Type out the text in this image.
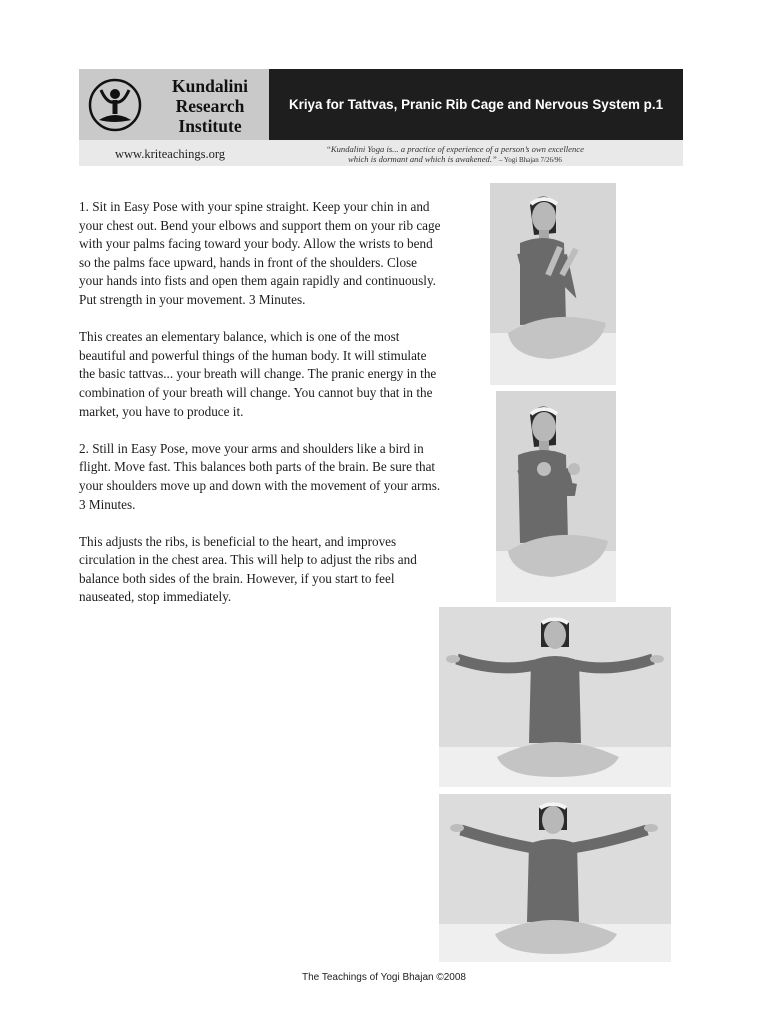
Kundalini
Research
Institute
Kriya for Tattvas, Pranic Rib Cage and Nervous System p.1
www.kriteachings.org	“Kundalini Yoga is... a practice of experience of a person’s own excellence
which is dormant and which is awakened.” – Yogi Bhajan 7/26/96

1. Sit in Easy Pose with your spine straight. Keep your chin in and your chest out. Bend your elbows and support them on your rib cage with your palms facing toward your body. Allow the wrists to bend so the palms face upward, hands in front of the shoulders. Close your hands into fists and open them again rapidly and continuously. Put strength in your movement. 3 Minutes.

This creates an elementary balance, which is one of the most beautiful and powerful things of the human body. It will stimulate the basic tattvas... your breath will change. The pranic energy in the combination of your breath will change. You cannot buy that in the market, you have to produce it.

2. Still in Easy Pose, move your arms and shoulders like a bird in flight. Move fast. This balances both parts of the brain. Be sure that your shoulders move up and down with the movement of your arms. 3 Minutes.

This adjusts the ribs, is beneficial to the heart, and improves circulation in the chest area. This will help to adjust the ribs and balance both sides of the brain. However, if you start to feel nauseated, stop immediately.

The Teachings of Yogi Bhajan ©2008
